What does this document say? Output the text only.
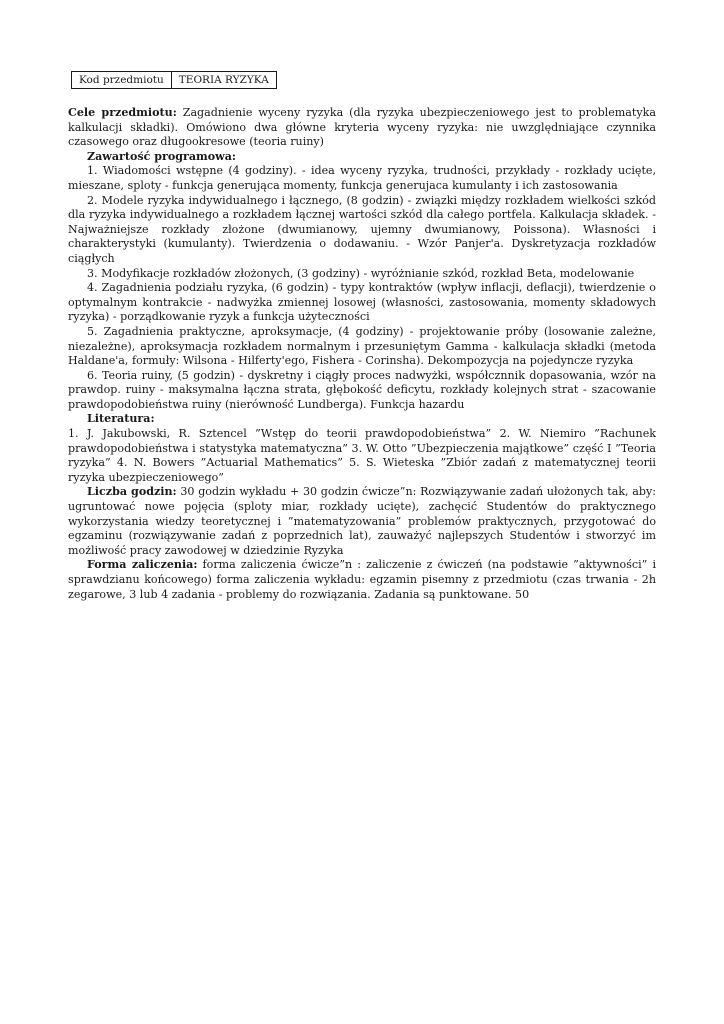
Kod przedmiotu	TEORIA RYZYKA

Cele przedmiotu: Zagadnienie wyceny ryzyka (dla ryzyka ubezpieczeniowego jest to problematyka kalkulacji składki). Omówiono dwa główne kryteria wyceny ryzyka: nie uwzględniające czynnika czasowego oraz długookresowe (teoria ruiny)

Zawartość programowa:

1. Wiadomości wstępne (4 godziny). - idea wyceny ryzyka, trudności, przykłady - rozkłady ucięte, mieszane, sploty - funkcja generująca momenty, funkcja generujaca kumulanty i ich zastosowania

2. Modele ryzyka indywidualnego i łącznego, (8 godzin) - związki między rozkładem wielkości szkód dla ryzyka indywidualnego a rozkładem łącznej wartości szkód dla całego portfela. Kalkulacja składek. - Najważniejsze rozkłady złożone (dwumianowy, ujemny dwumianowy, Poissona). Własności i charakterystyki (kumulanty). Twierdzenia o dodawaniu. - Wzór Panjer'a. Dyskretyzacja rozkładów ciągłych

3. Modyfikacje rozkładów złożonych, (3 godziny) - wyróżnianie szkód, rozkład Beta, modelowanie

4. Zagadnienia podziału ryzyka, (6 godzin) - typy kontraktów (wpływ inflacji, deflacji), twierdzenie o optymalnym kontrakcie - nadwyżka zmiennej losowej (własności, zastosowania, momenty składowych ryzyka) - porządkowanie ryzyk a funkcja użyteczności

5. Zagadnienia praktyczne, aproksymacje, (4 godziny) - projektowanie próby (losowanie zależne, niezależne), aproksymacja rozkładem normalnym i przesuniętym Gamma - kalkulacja składki (metoda Haldane'a, formuły: Wilsona - Hilferty'ego, Fishera - Corinsha). Dekompozycja na pojedyncze ryzyka

6. Teoria ruiny, (5 godzin) - dyskretny i ciągły proces nadwyżki, współcznnik dopasowania, wzór na prawdop. ruiny - maksymalna łączna strata, głębokość deficytu, rozkłady kolejnych strat - szacowanie prawdopodobieństwa ruiny (nierówność Lundberga). Funkcja hazardu

Literatura:

1. J. Jakubowski, R. Sztencel ”Wstęp do teorii prawdopodobieństwa” 2. W. Niemiro ”Rachunek prawdopodobieństwa i statystyka matematyczna” 3. W. Otto ”Ubezpieczenia majątkowe” część I ”Teoria ryzyka” 4. N. Bowers ”Actuarial Mathematics” 5. S. Wieteska ”Zbiór zadań z matematycznej teorii ryzyka ubezpieczeniowego”

Liczba godzin: 30 godzin wykładu + 30 godzin ćwicze”n: Rozwiązywanie zadań ułożonych tak, aby: ugruntować nowe pojęcia (sploty miar, rozkłady ucięte), zachęcić Studentów do praktycznego wykorzystania wiedzy teoretycznej i ”matematyzowania” problemów praktycznych, przygotować do egzaminu (rozwiązywanie zadań z poprzednich lat), zauważyć najlepszych Studentów i stworzyć im możliwość pracy zawodowej w dziedzinie Ryzyka

Forma zaliczenia: forma zaliczenia ćwicze”n : zaliczenie z ćwiczeń (na podstawie ”aktywności” i sprawdzianu końcowego) forma zaliczenia wykładu: egzamin pisemny z przedmiotu (czas trwania - 2h zegarowe, 3 lub 4 zadania - problemy do rozwiązania. Zadania są punktowane. 50
